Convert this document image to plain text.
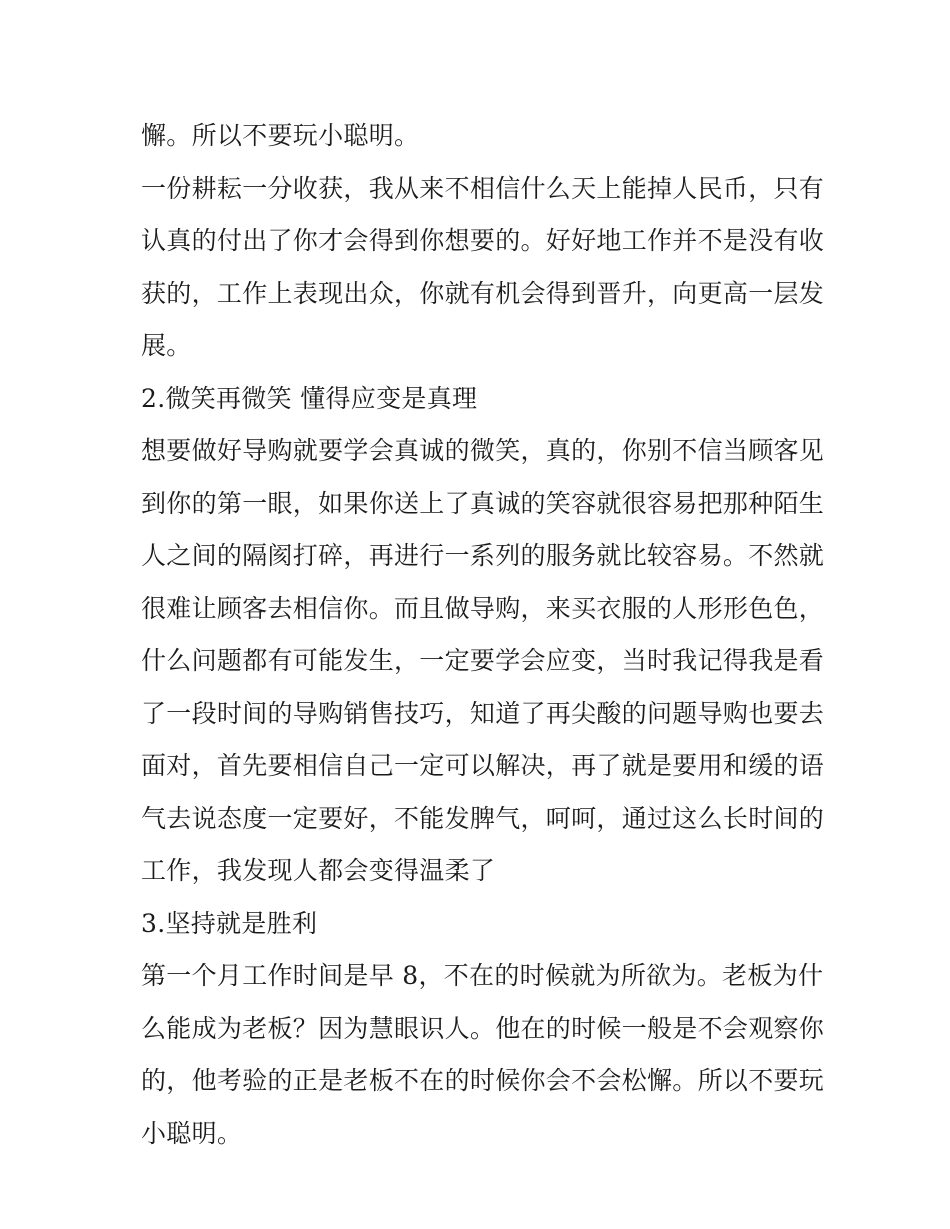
懈。所以不要玩小聪明。
一份耕耘一分收获，我从来不相信什么天上能掉人民币，只有
认真的付出了你才会得到你想要的。好好地工作并不是没有收
获的，工作上表现出众，你就有机会得到晋升，向更高一层发
展。
2.微笑再微笑 懂得应变是真理
想要做好导购就要学会真诚的微笑，真的，你别不信当顾客见
到你的第一眼，如果你送上了真诚的笑容就很容易把那种陌生
人之间的隔阂打碎，再进行一系列的服务就比较容易。不然就
很难让顾客去相信你。而且做导购，来买衣服的人形形色色，
什么问题都有可能发生，一定要学会应变，当时我记得我是看
了一段时间的导购销售技巧，知道了再尖酸的问题导购也要去
面对，首先要相信自己一定可以解决，再了就是要用和缓的语
气去说态度一定要好，不能发脾气，呵呵，通过这么长时间的
工作，我发现人都会变得温柔了
3.坚持就是胜利
第一个月工作时间是早 8，不在的时候就为所欲为。老板为什
么能成为老板？因为慧眼识人。他在的时候一般是不会观察你
的，他考验的正是老板不在的时候你会不会松懈。所以不要玩
小聪明。
